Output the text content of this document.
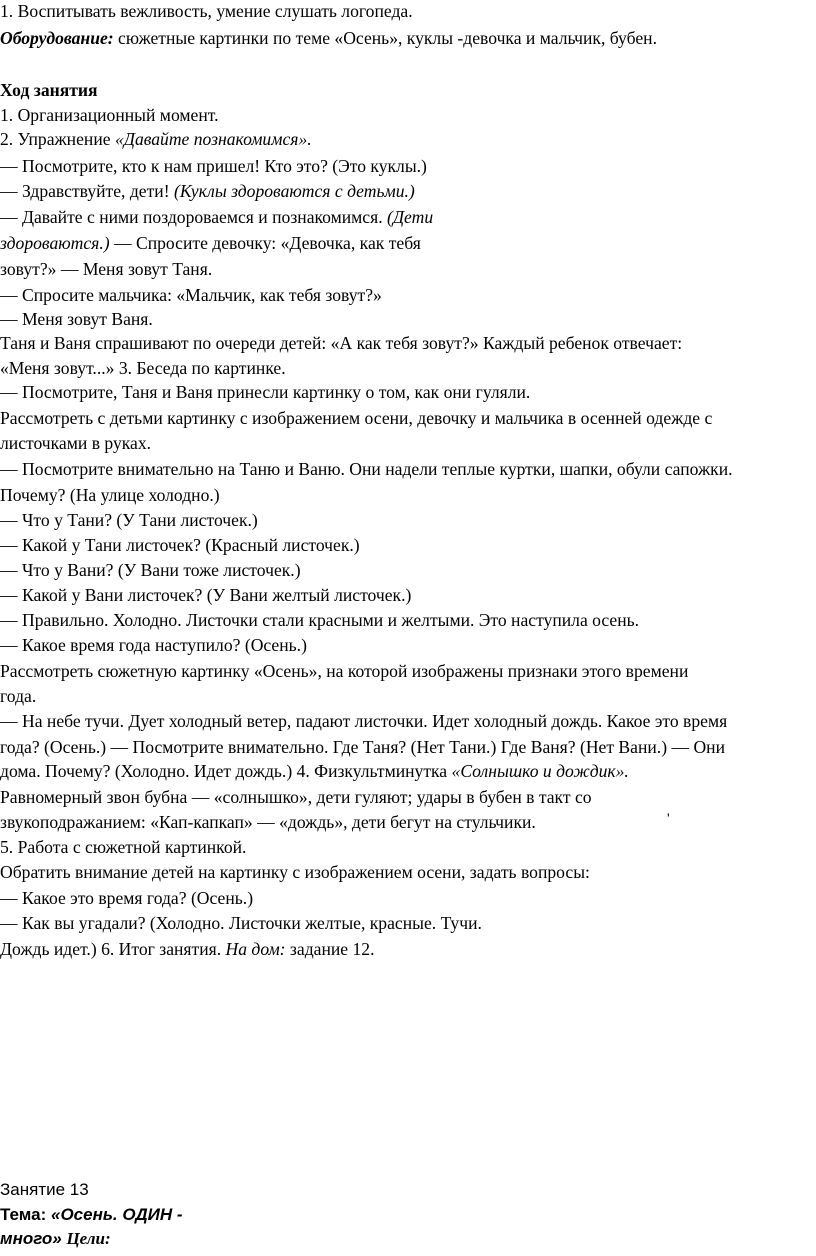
1. Воспитывать вежливость, умение слушать логопеда.
Оборудование: сюжетные картинки по теме «Осень», куклы -девочка и мальчик, бубен.
Ход занятия
1. Организационный момент.
2. Упражнение «Давайте познакомимся».
— Посмотрите, кто к нам пришел! Кто это? (Это куклы.)
— Здравствуйте, дети! (Куклы здороваются с детьми.)
— Давайте с ними поздороваемся и познакомимся. (Дети
здороваются.) — Спросите девочку: «Девочка, как тебя
зовут?» — Меня зовут Таня.
— Спросите мальчика: «Мальчик, как тебя зовут?»
— Меня зовут Ваня.
Таня и Ваня спрашивают по очереди детей: «А как тебя зовут?» Каждый ребенок отвечает:
«Меня зовут...» 3. Беседа по картинке.
— Посмотрите, Таня и Ваня принесли картинку о том, как они гуляли.
Рассмотреть с детьми картинку с изображением осени, девочку и мальчика в осенней одежде с
листочками в руках.
— Посмотрите внимательно на Таню и Ваню. Они надели теплые куртки, шапки, обули сапожки.
Почему? (На улице холодно.)
— Что у Тани? (У Тани листочек.)
— Какой у Тани листочек? (Красный листочек.)
— Что у Вани? (У Вани тоже листочек.)
— Какой у Вани листочек? (У Вани желтый листочек.)
— Правильно. Холодно. Листочки стали красными и желтыми. Это наступила осень.
— Какое время года наступило? (Осень.)
Рассмотреть сюжетную картинку «Осень», на которой изображены признаки этого времени
года.
— На небе тучи. Дует холодный ветер, падают листочки. Идет холодный дождь. Какое это время
года? (Осень.) — Посмотрите внимательно. Где Таня? (Нет Тани.) Где Ваня? (Нет Вани.) — Они
дома. Почему? (Холодно. Идет дождь.) 4. Физкультминутка «Солнышко и дождик».
Равномерный звон бубна — «солнышко», дети гуляют; удары в бубен в такт со
звукоподражанием: «Кап-капкап» — «дождь», дети бегут на стульчики.	'
5. Работа с сюжетной картинкой.
Обратить внимание детей на картинку с изображением осени, задать вопросы:
— Какое это время года? (Осень.)
— Как вы угадали? (Холодно. Листочки желтые, красные. Тучи.
Дождь идет.) 6. Итог занятия. На дом: задание 12.
Занятие 13
Тема: «Осень. ОДИН -
много» Цели:
